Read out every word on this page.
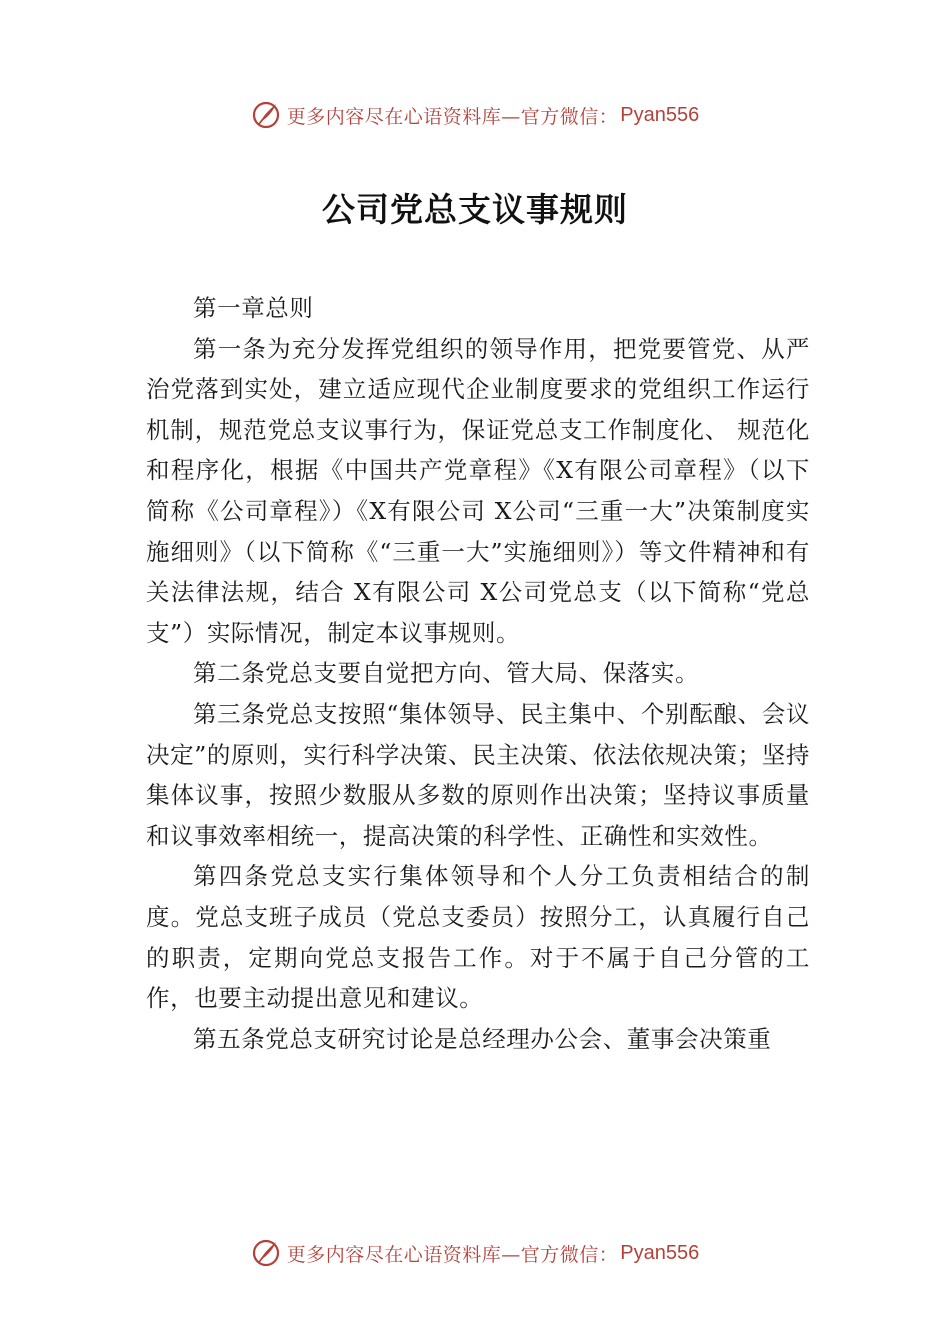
更多内容尽在心语资料库—官方微信： Pyan556
公司党总支议事规则

第一章总则

第一条为充分发挥党组织的领导作用，把党要管党、从严治党落到实处，建立适应现代企业制度要求的党组织工作运行机制，规范党总支议事行为，保证党总支工作制度化、 规范化和程序化，根据《中国共产党章程》《X有限公司章程》（以下简称《公司章程》）《X有限公司 X公司“三重一大”决策制度实施细则》（以下简称《“三重一大”实施细则》）等文件精神和有关法律法规，结合 X有限公司 X公司党总支（以下简称“党总支”）实际情况，制定本议事规则。

第二条党总支要自觉把方向、管大局、保落实。

第三条党总支按照“集体领导、民主集中、个别酝酿、会议决定”的原则，实行科学决策、民主决策、依法依规决策；坚持集体议事，按照少数服从多数的原则作出决策；坚持议事质量和议事效率相统一，提高决策的科学性、正确性和实效性。

第四条党总支实行集体领导和个人分工负责相结合的制度。党总支班子成员（党总支委员）按照分工，认真履行自己的职责，定期向党总支报告工作。对于不属于自己分管的工作，也要主动提出意见和建议。

第五条党总支研究讨论是总经理办公会、董事会决策重

更多内容尽在心语资料库—官方微信： Pyan556
